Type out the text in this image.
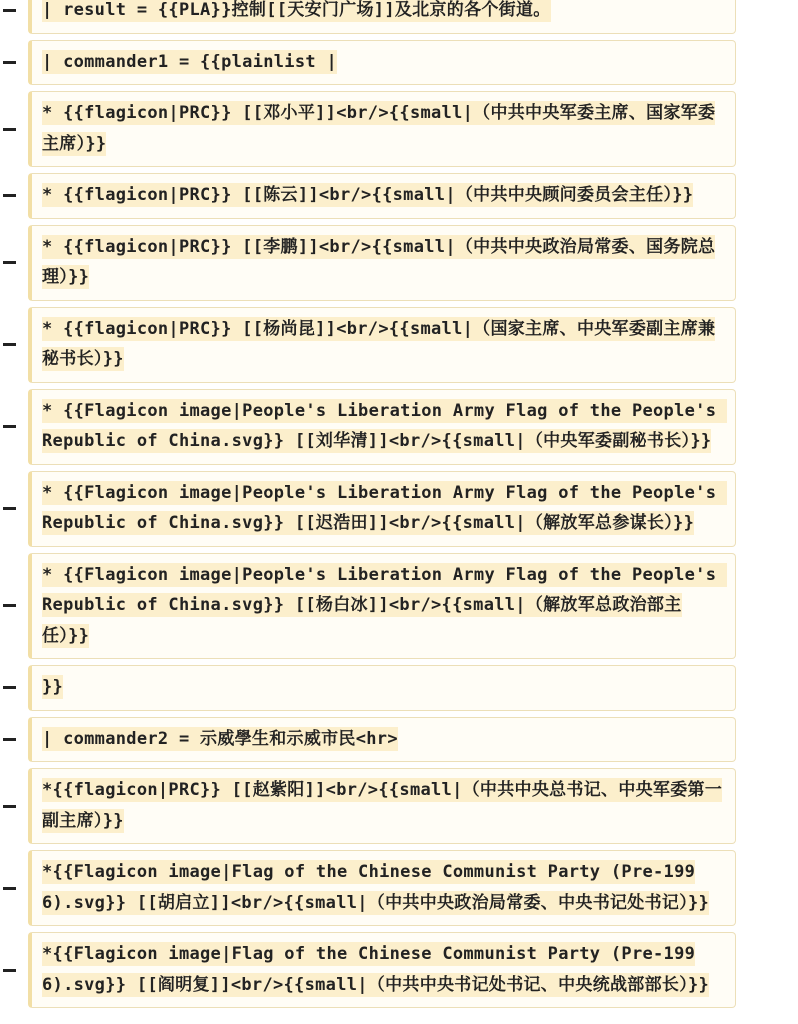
| result = {{PLA}}控制[[天安门广场]]及北京的各个街道。
| commander1 = {{plainlist |
* {{flagicon|PRC}} [[邓小平]]<br/>{{small|（中共中央军委主席、国家军委主席）}}
* {{flagicon|PRC}} [[陈云]]<br/>{{small|（中共中央顾问委员会主任）}}
* {{flagicon|PRC}} [[李鹏]]<br/>{{small|（中共中央政治局常委、国务院总理）}}
* {{flagicon|PRC}} [[杨尚昆]]<br/>{{small|（国家主席、中央军委副主席兼秘书长）}}
* {{Flagicon image|People's Liberation Army Flag of the People's Republic of China.svg}} [[刘华清]]<br/>{{small|（中央军委副秘书长）}}
* {{Flagicon image|People's Liberation Army Flag of the People's Republic of China.svg}} [[迟浩田]]<br/>{{small|（解放军总参谋长）}}
* {{Flagicon image|People's Liberation Army Flag of the People's Republic of China.svg}} [[杨白冰]]<br/>{{small|（解放军总政治部主任）}}
}}
| commander2 = 示威學生和示威市民<hr>
*{{flagicon|PRC}} [[赵紫阳]]<br/>{{small|（中共中央总书记、中央军委第一副主席）}}
*{{Flagicon image|Flag of the Chinese Communist Party (Pre-1996).svg}} [[胡启立]]<br/>{{small|（中共中央政治局常委、中央书记处书记）}}
*{{Flagicon image|Flag of the Chinese Communist Party (Pre-1996).svg}} [[阎明复]]<br/>{{small|（中共中央书记处书记、中央统战部部长）}}
